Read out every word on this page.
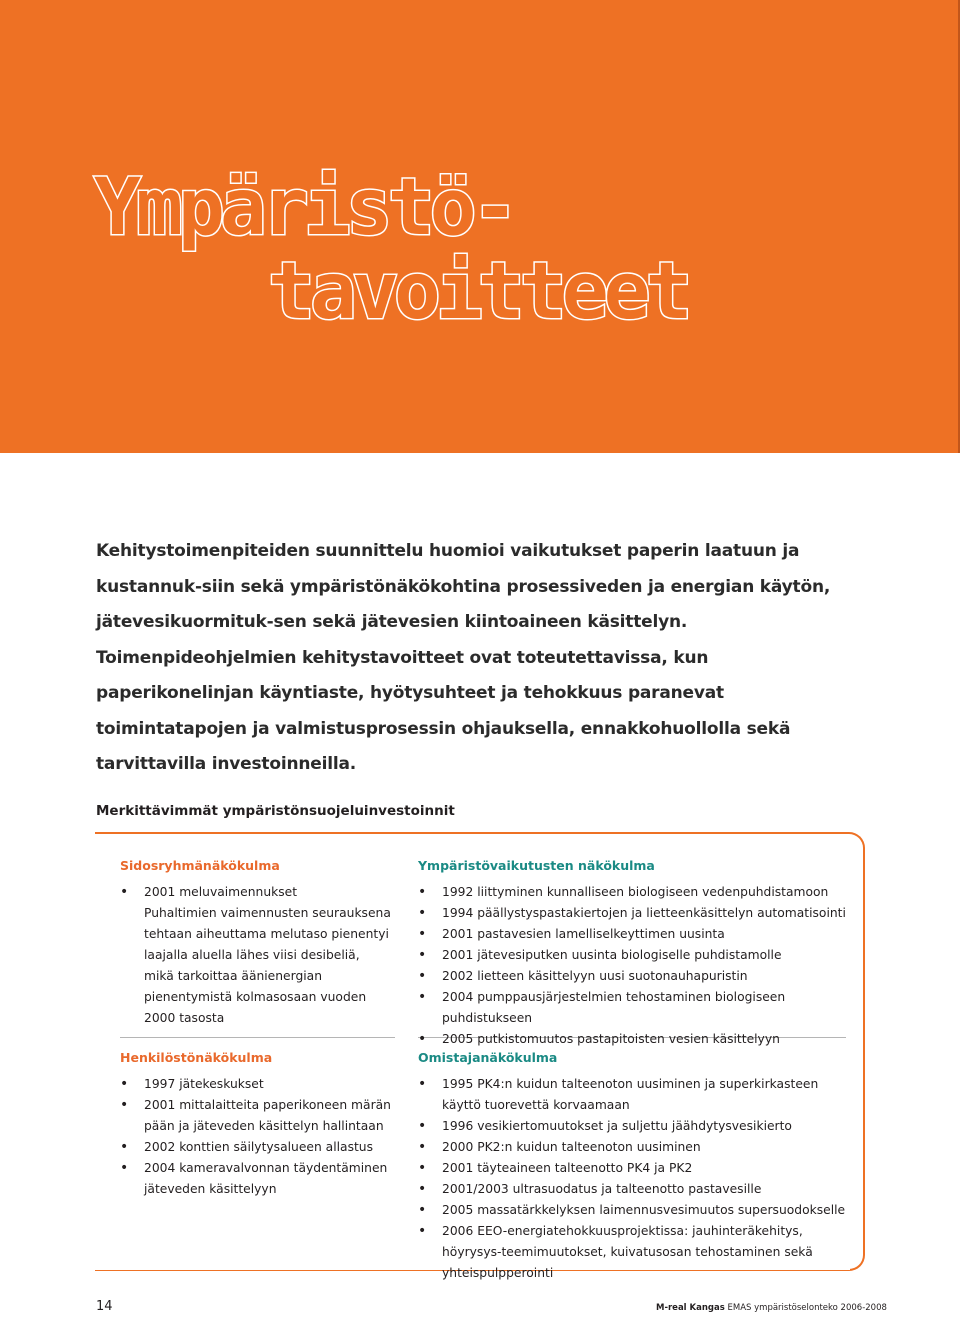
Ympäristö-
tavoitteet

Kehitystoimenpiteiden suunnittelu huomioi vaikutukset paperin laatuun ja kustannuk-siin sekä ympäristönäkökohtina prosessiveden ja energian käytön, jätevesikuormituk-sen sekä jätevesien kiintoaineen käsittelyn. Toimenpideohjelmien kehitystavoitteet ovat toteutettavissa, kun paperikonelinjan käyntiaste, hyötysuhteet ja tehokkuus paranevat toimintatapojen ja valmistusprosessin ohjauksella, ennakkohuollolla sekä tarvittavilla investoinneilla.

Merkittävimmät ympäristönsuojeluinvestoinnit
Sidosryhmänäkökulma
• 2001 meluvaimennukset
Puhaltimien vaimennusten seurauksena tehtaan aiheuttama melutaso pienentyi laajalla aluella lähes viisi desibeliä, mikä tarkoittaa äänienergian pienentymistä kolmasosaan vuoden 2000 tasosta
Ympäristövaikutusten näkökulma
• 1992 liittyminen kunnalliseen biologiseen vedenpuhdistamoon
• 1994 päällystyspastakiertojen ja lietteenkäsittelyn automatisointi
• 2001 pastavesien lamelliselkeyttimen uusinta
• 2001 jätevesiputken uusinta biologiselle puhdistamolle
• 2002 lietteen käsittelyyn uusi suotonauhapuristin
• 2004 pumppausjärjestelmien tehostaminen biologiseen puhdistukseen
• 2005 putkistomuutos pastapitoisten vesien käsittelyyn
Henkilöstönäkökulma
• 1997 jätekeskukset
• 2001 mittalaitteita paperikoneen märän pään ja jäteveden käsittelyn hallintaan
• 2002 konttien säilytysalueen allastus
• 2004 kameravalvonnan täydentäminen jäteveden käsittelyyn
Omistajanäkökulma
• 1995 PK4:n kuidun talteenoton uusiminen ja superkirkasteen käyttö tuorevettä korvaamaan
• 1996 vesikiertomuutokset ja suljettu jäähdytysvesikierto
• 2000 PK2:n kuidun talteenoton uusiminen
• 2001 täyteaineen talteenotto PK4 ja PK2
• 2001/2003 ultrasuodatus ja talteenotto pastavesille
• 2005 massatärkkelyksen laimennusvesimuutos supersuodokselle
• 2006 EEO-energiatehokkuusprojektissa: jauhinteräkehitys, höyrysys-teemimuutokset, kuivatusosan tehostaminen sekä yhteispulpperointi

14	M-real Kangas EMAS ympäristöselonteko 2006-2008
